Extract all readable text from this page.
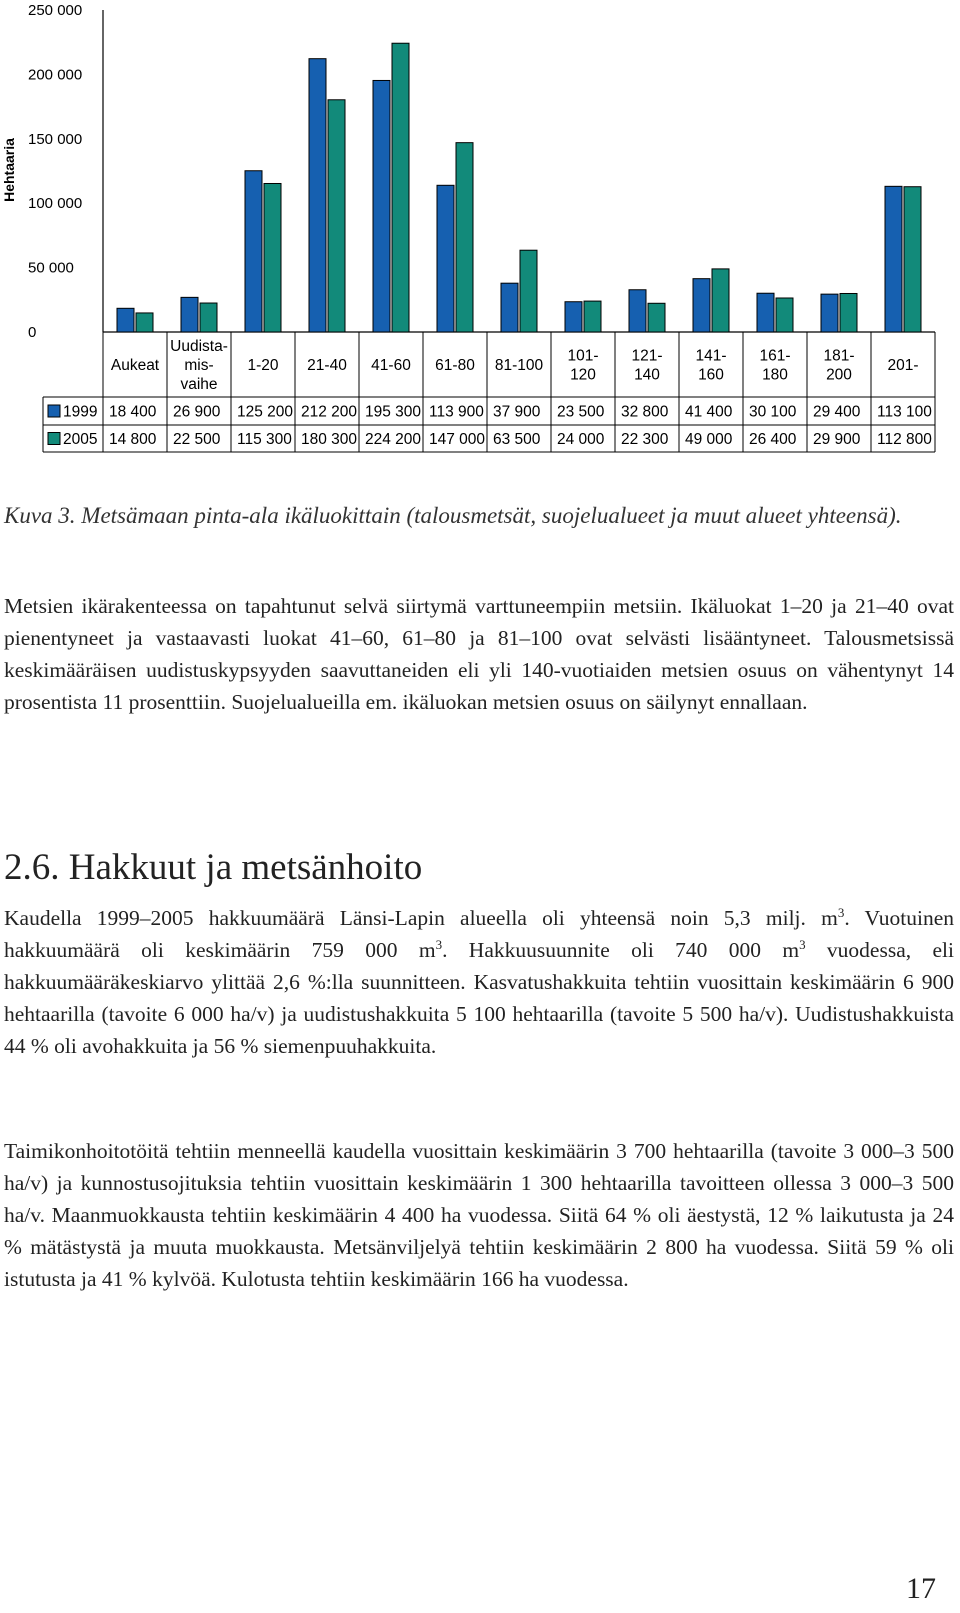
Hehtaaria
0
50 000
100 000
150 000
200 000
250 000
Aukeat
Uudista-
mis-
vaihe
1-20 21-40 41-60 61-80 81-100
101-
120
121-
140
141-
160
161-
180
181-
200
201-
1999 18 400 26 900 125 200 212 200 195 300 113 900 37 900 23 500 32 800 41 400 30 100 29 400 113 100
2005 14 800 22 500 115 300 180 300 224 200 147 000 63 500 24 000 22 300 49 000 26 400 29 900 112 800

Kuva 3. Metsämaan pinta-ala ikäluokittain (talousmetsät, suojelualueet ja muut alueet yhteensä).

Metsien ikärakenteessa on tapahtunut selvä siirtymä varttuneempiin metsiin. Ikäluokat 1–20 ja 21–40 ovat pienentyneet ja vastaavasti luokat 41–60, 61–80 ja 81–100 ovat selvästi lisääntyneet. Talousmetsissä keskimääräisen uudistuskypsyyden saavuttaneiden eli yli 140-vuotiaiden metsien osuus on vähentynyt 14 prosentista 11 prosenttiin. Suojelualueilla em. ikäluokan metsien osuus on säilynyt ennallaan.

2.6. Hakkuut ja metsänhoito

Kaudella 1999–2005 hakkuumäärä Länsi-Lapin alueella oli yhteensä noin 5,3 milj. $m^3$. Vuotuinen hakkuumäärä oli keskimäärin 759 000 $m^3$. Hakkuusuunnite oli 740 000 $m^3$ vuodessa, eli hakkuumääräkeskiarvo ylittää 2,6 %:lla suunnitteen. Kasvatushakkuita tehtiin vuosittain keskimäärin 6 900 hehtaarilla (tavoite 6 000 ha/v) ja uudistushakkuita 5 100 hehtaarilla (tavoite 5 500 ha/v). Uudistushakkuista 44 % oli avohakkuita ja 56 % siemenpuuhakkuita.

Taimikonhoitotöitä tehtiin menneellä kaudella vuosittain keskimäärin 3 700 hehtaarilla (tavoite 3 000–3 500 ha/v) ja kunnostusojituksia tehtiin vuosittain keskimäärin 1 300 hehtaarilla tavoitteen ollessa 3 000–3 500 ha/v. Maanmuokkausta tehtiin keskimäärin 4 400 ha vuodessa. Siitä 64 % oli äestystä, 12 % laikutusta ja 24 % mätästystä ja muuta muokkausta. Metsänviljelyä tehtiin keskimäärin 2 800 ha vuodessa. Siitä 59 % oli istutusta ja 41 % kylvöä. Kulotusta tehtiin keskimäärin 166 ha vuodessa.

17
